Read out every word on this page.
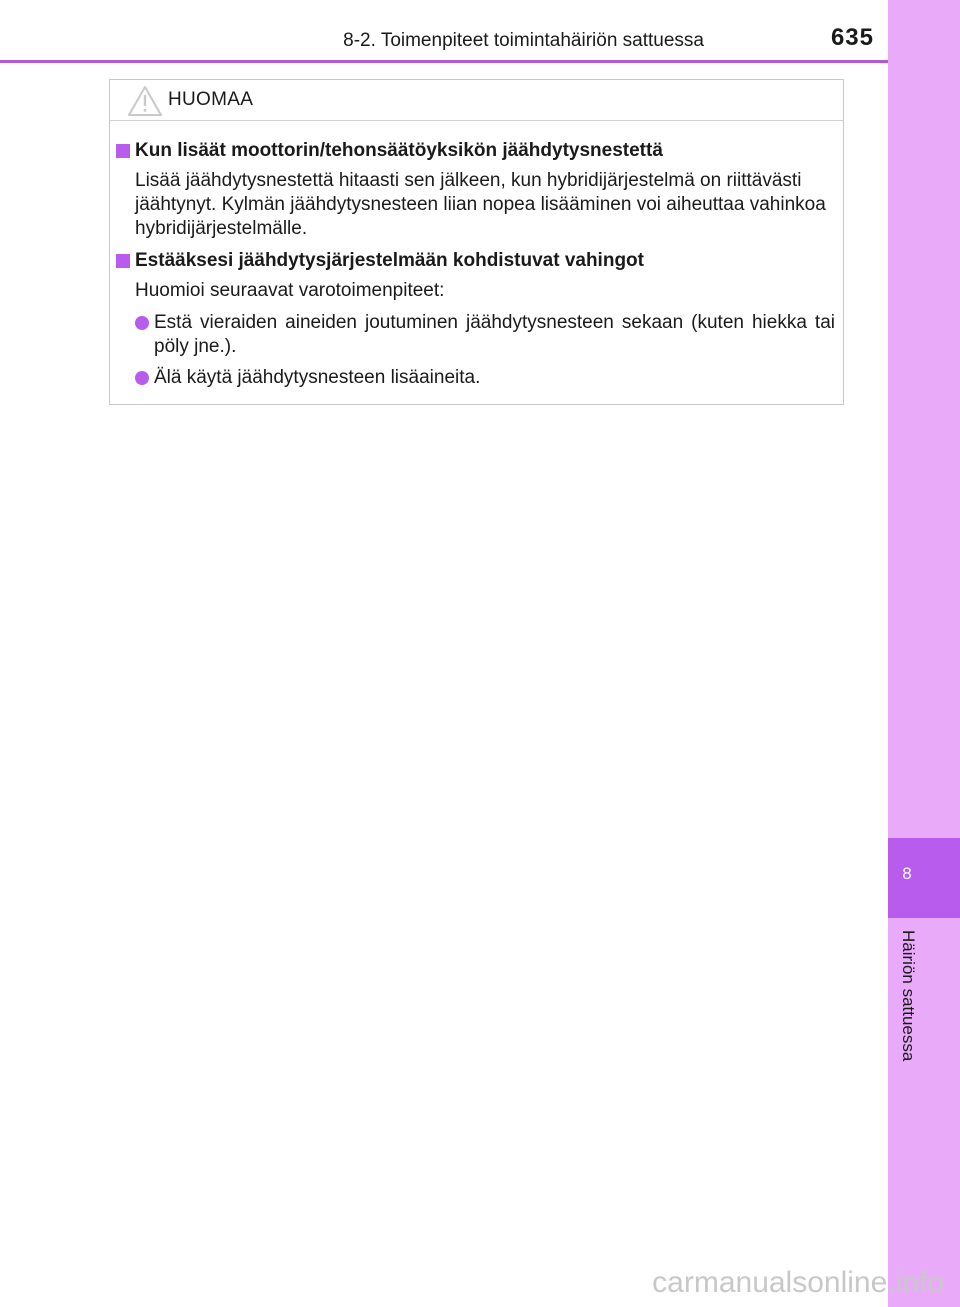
8-2. Toimenpiteet toimintahäiriön sattuessa	635
8
Häiriön sattuessa
HUOMAA
Kun lisäät moottorin/tehonsäätöyksikön jäähdytysnestettä
Lisää jäähdytysnestettä hitaasti sen jälkeen, kun hybridijärjestelmä on riittävästi jäähtynyt. Kylmän jäähdytysnesteen liian nopea lisääminen voi aiheuttaa vahinkoa hybridijärjestelmälle.
Estääksesi jäähdytysjärjestelmään kohdistuvat vahingot
Huomioi seuraavat varotoimenpiteet:
Estä vieraiden aineiden joutuminen jäähdytysnesteen sekaan (kuten hiekka tai pöly jne.).
Älä käytä jäähdytysnesteen lisäaineita.
carmanualsonline.info
